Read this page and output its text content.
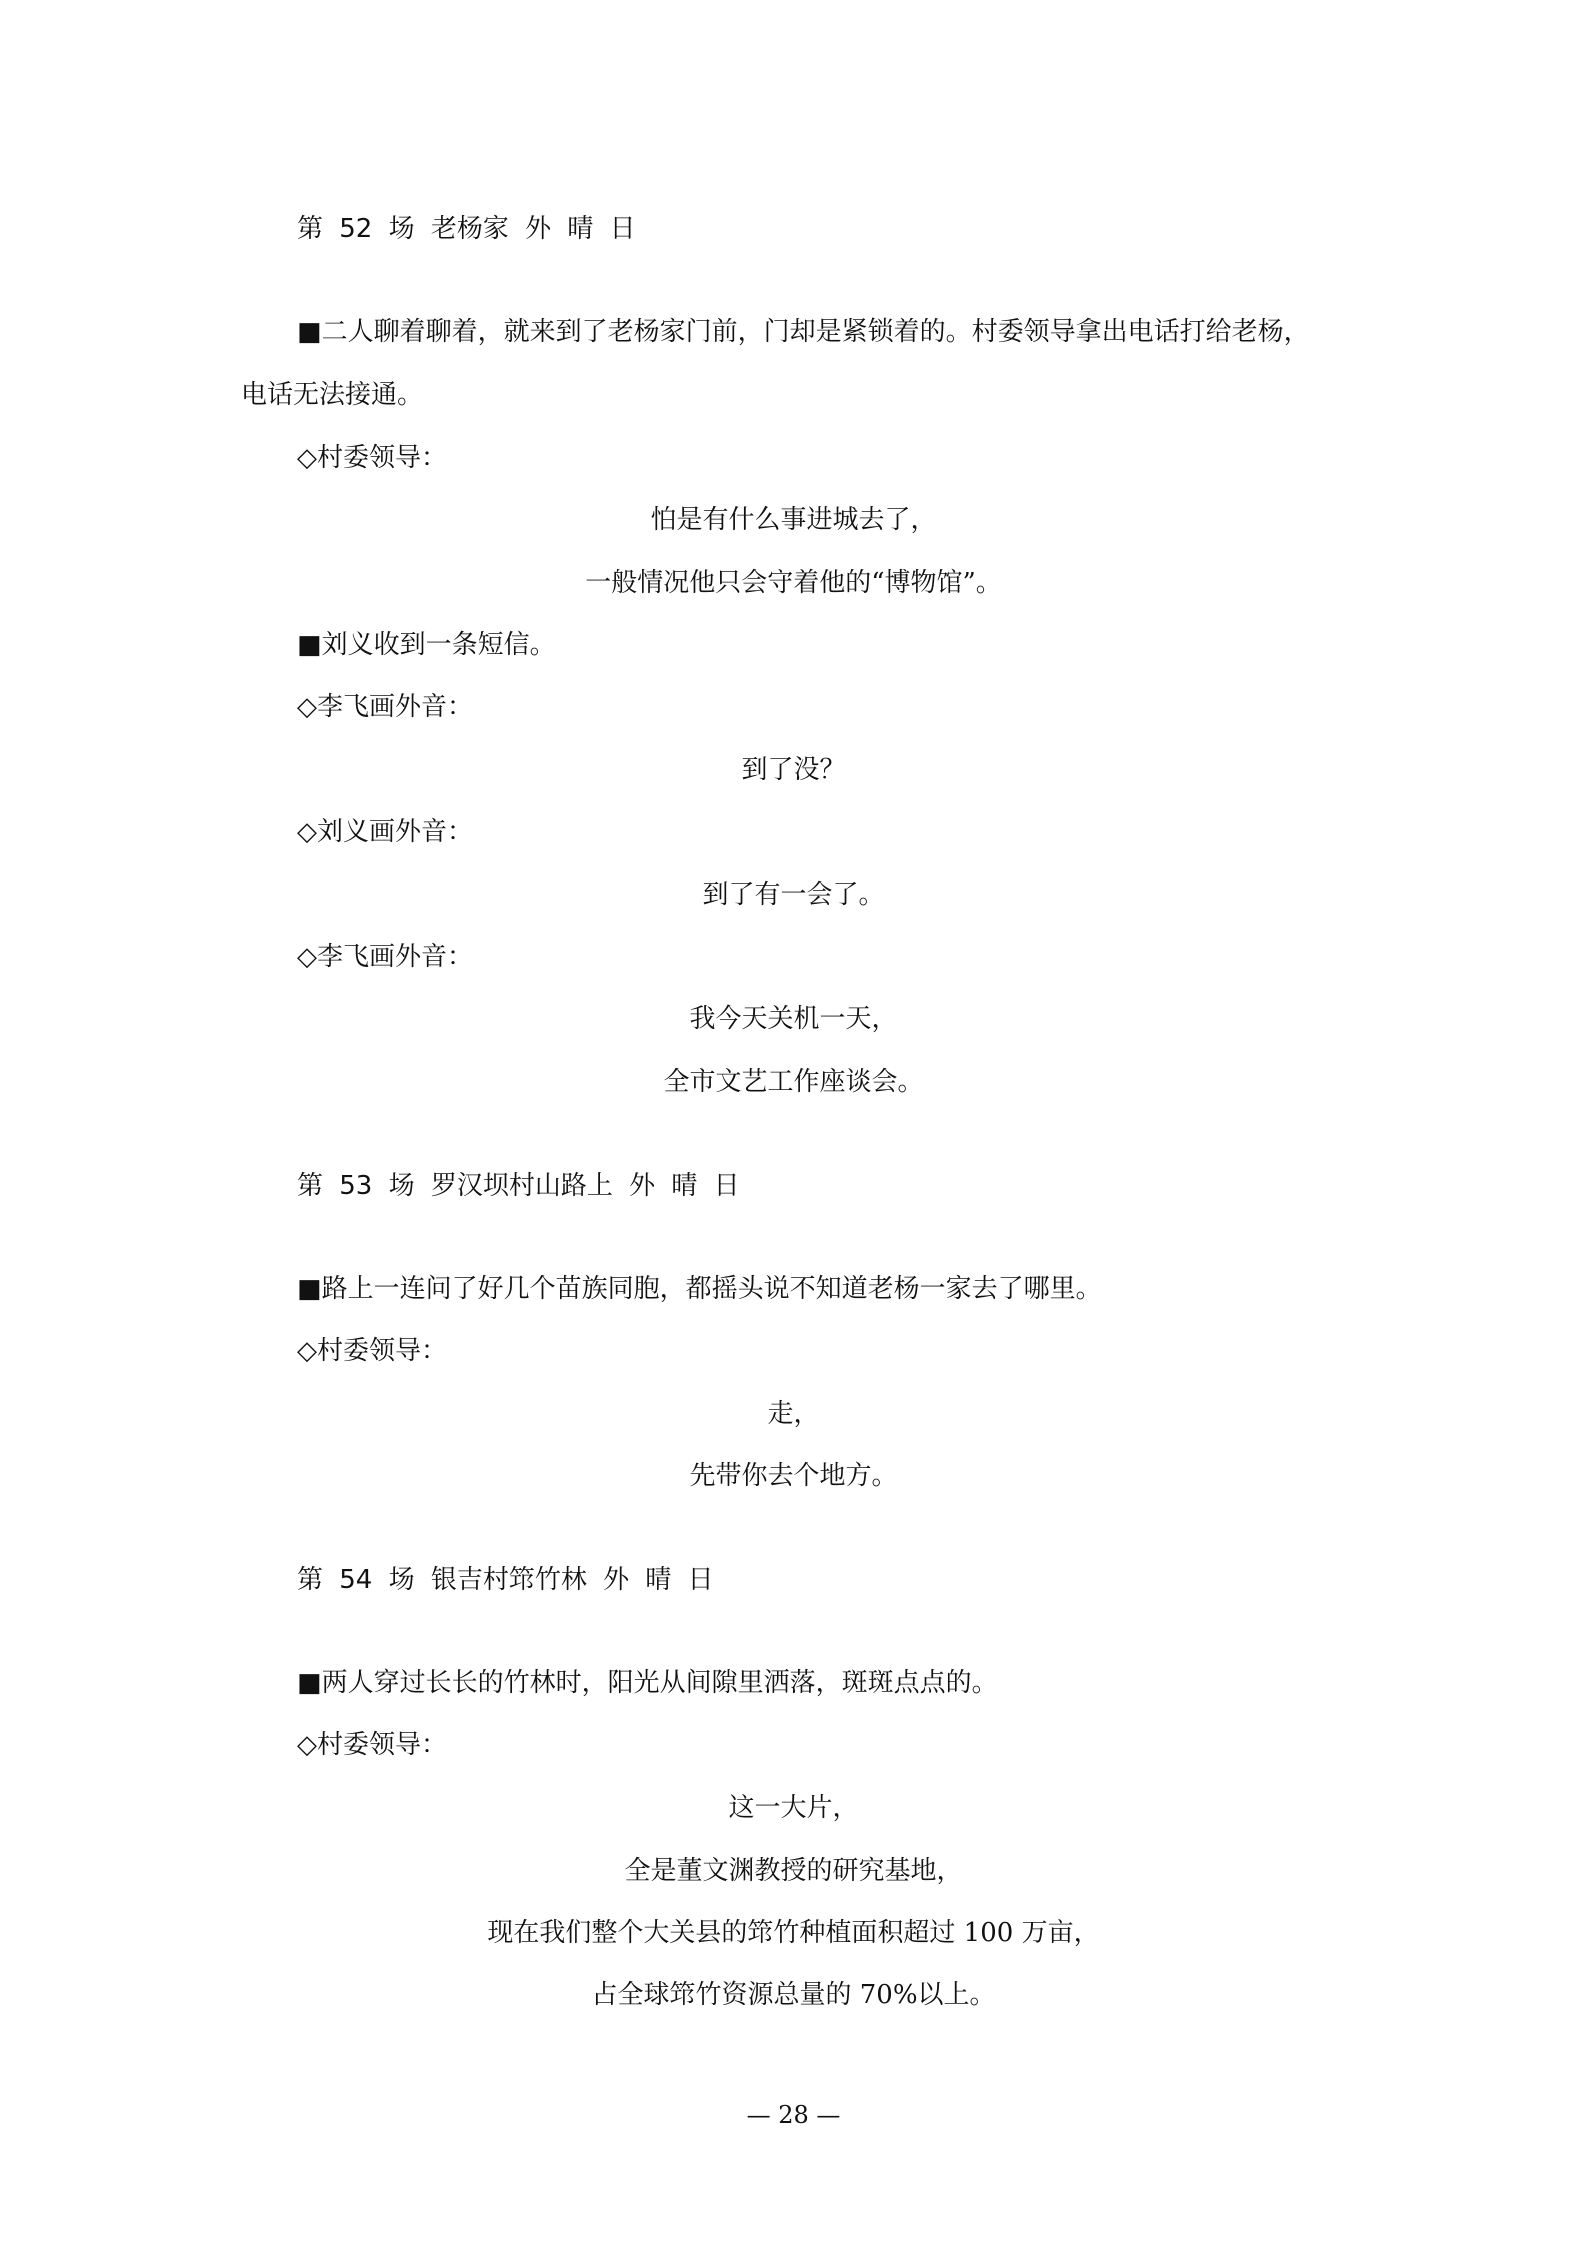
第 52 场 老杨家 外 晴 日
■二人聊着聊着，就来到了老杨家门前，门却是紧锁着的。村委领导拿出电话打给老杨，
电话无法接通。
◇村委领导：
怕是有什么事进城去了，
一般情况他只会守着他的“博物馆”。
■刘义收到一条短信。
◇李飞画外音：
到了没？
◇刘义画外音：
到了有一会了。
◇李飞画外音：
我今天关机一天，
全市文艺工作座谈会。
第 53 场 罗汉坝村山路上 外 晴 日
■路上一连问了好几个苗族同胞，都摇头说不知道老杨一家去了哪里。
◇村委领导：
走，
先带你去个地方。
第 54 场 银吉村筇竹林 外 晴 日
■两人穿过长长的竹林时，阳光从间隙里洒落，斑斑点点的。
◇村委领导：
这一大片，
全是董文渊教授的研究基地，
现在我们整个大关县的筇竹种植面积超过 100 万亩，
占全球筇竹资源总量的 70%以上。
— 28 —
